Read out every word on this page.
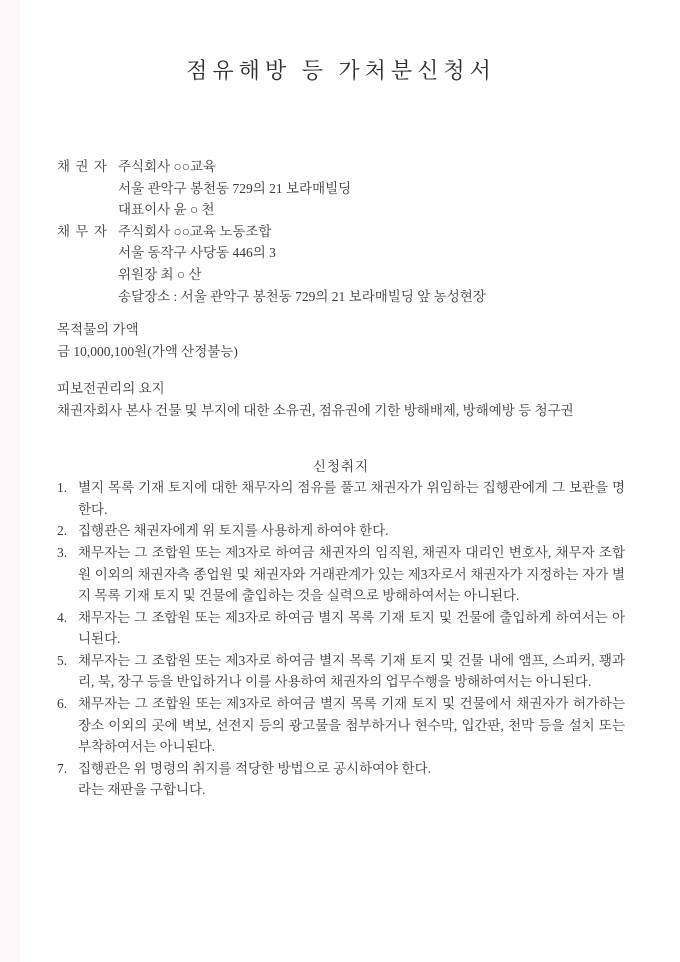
점유해방 등 가처분신청서
채 권 자 주식회사 ○○교육
서울 관악구 봉천동 729의 21 보라매빌딩
대표이사 윤 ○ 천
채 무 자 주식회사 ○○교육 노동조합
서울 동작구 사당동 446의 3
위원장 최 ○ 산
송달장소 : 서울 관악구 봉천동 729의 21 보라매빌딩 앞 농성현장
목적물의 가액
금 10,000,100원(가액 산정불능)
피보전권리의 요지
채권자회사 본사 건물 및 부지에 대한 소유권, 점유권에 기한 방해배제, 방해예방 등 청구권
신청취지
1. 별지 목록 기재 토지에 대한 채무자의 점유를 풀고 채권자가 위임하는 집행관에게 그 보관을 명한다.
2. 집행관은 채권자에게 위 토지를 사용하게 하여야 한다.
3. 채무자는 그 조합원 또는 제3자로 하여금 채권자의 임직원, 채권자 대리인 변호사, 채무자 조합원 이외의 채권자측 종업원 및 채권자와 거래관계가 있는 제3자로서 채권자가 지정하는 자가 별지 목록 기재 토지 및 건물에 출입하는 것을 실력으로 방해하여서는 아니된다.
4. 채무자는 그 조합원 또는 제3자로 하여금 별지 목록 기재 토지 및 건물에 출입하게 하여서는 아니된다.
5. 채무자는 그 조합원 또는 제3자로 하여금 별지 목록 기재 토지 및 건물 내에 앰프, 스피커, 꽹과리, 북, 장구 등을 반입하거나 이를 사용하여 채권자의 업무수행을 방해하여서는 아니된다.
6. 채무자는 그 조합원 또는 제3자로 하여금 별지 목록 기재 토지 및 건물에서 채권자가 허가하는 장소 이외의 곳에 벽보, 선전지 등의 광고물을 첨부하거나 현수막, 입간판, 천막 등을 설치 또는 부착하여서는 아니된다.
7. 집행관은 위 명령의 취지를 적당한 방법으로 공시하여야 한다.
라는 재판을 구합니다.
